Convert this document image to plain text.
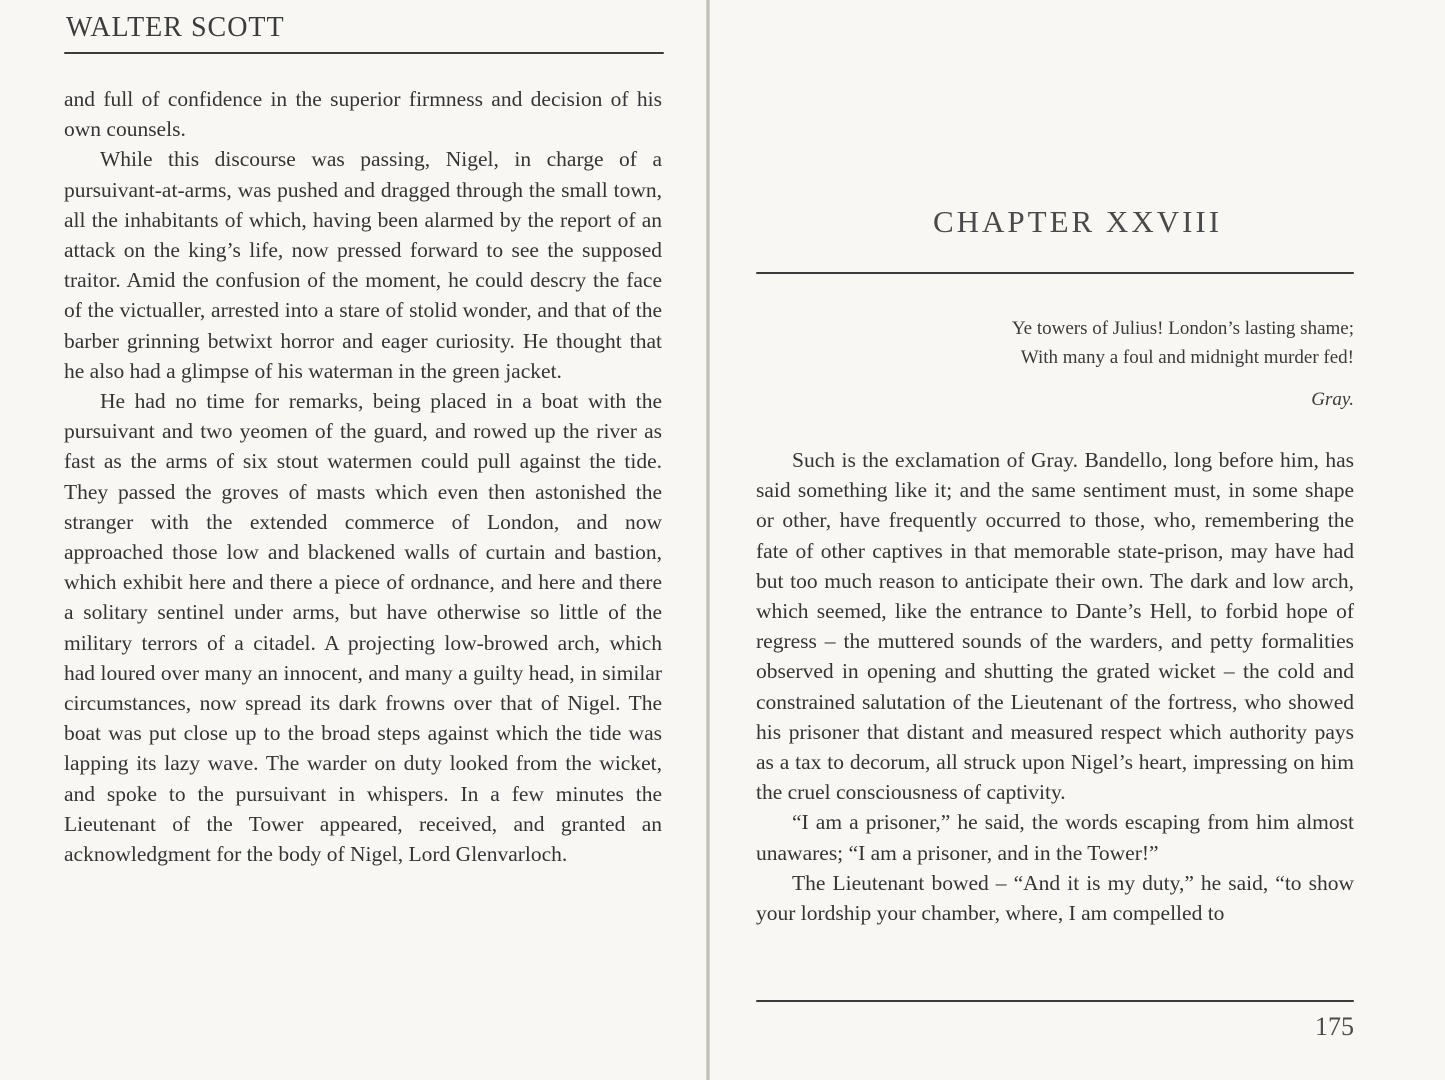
WALTER SCOTT

and full of confidence in the superior firmness and decision of his own counsels.

While this discourse was passing, Nigel, in charge of a pursuivant-at-arms, was pushed and dragged through the small town, all the inhabitants of which, having been alarmed by the report of an attack on the king’s life, now pressed forward to see the supposed traitor. Amid the confusion of the moment, he could descry the face of the victualler, arrested into a stare of stolid wonder, and that of the barber grinning betwixt horror and eager curiosity. He thought that he also had a glimpse of his waterman in the green jacket.

He had no time for remarks, being placed in a boat with the pursuivant and two yeomen of the guard, and rowed up the river as fast as the arms of six stout watermen could pull against the tide. They passed the groves of masts which even then astonished the stranger with the extended commerce of London, and now approached those low and blackened walls of curtain and bastion, which exhibit here and there a piece of ordnance, and here and there a solitary sentinel under arms, but have otherwise so little of the military terrors of a citadel. A projecting low-browed arch, which had loured over many an innocent, and many a guilty head, in similar circumstances, now spread its dark frowns over that of Nigel. The boat was put close up to the broad steps against which the tide was lapping its lazy wave. The warder on duty looked from the wicket, and spoke to the pursuivant in whispers. In a few minutes the Lieutenant of the Tower appeared, received, and granted an acknowledgment for the body of Nigel, Lord Glenvarloch.

CHAPTER XXVIII
Ye towers of Julius! London’s lasting shame;
With many a foul and midnight murder fed!
Gray.

Such is the exclamation of Gray. Bandello, long before him, has said something like it; and the same sentiment must, in some shape or other, have frequently occurred to those, who, remembering the fate of other captives in that memorable state-prison, may have had but too much reason to anticipate their own. The dark and low arch, which seemed, like the entrance to Dante’s Hell, to forbid hope of regress – the muttered sounds of the warders, and petty formalities observed in opening and shutting the grated wicket – the cold and constrained salutation of the Lieutenant of the fortress, who showed his prisoner that distant and measured respect which authority pays as a tax to decorum, all struck upon Nigel’s heart, impressing on him the cruel consciousness of captivity.

“I am a prisoner,” he said, the words escaping from him almost unawares; “I am a prisoner, and in the Tower!”

The Lieutenant bowed – “And it is my duty,” he said, “to show your lordship your chamber, where, I am compelled to

175
